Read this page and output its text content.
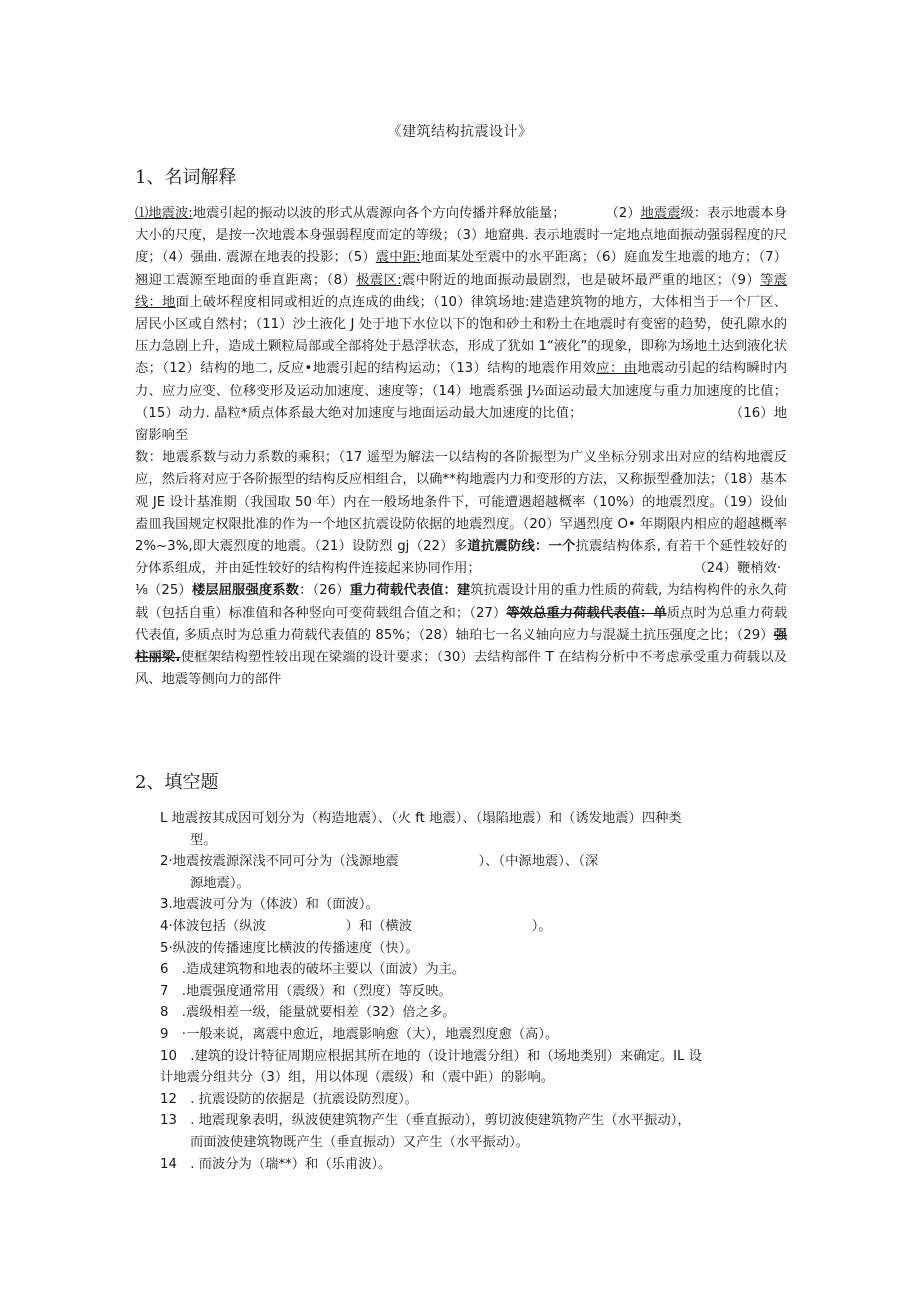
《建筑结构抗震设计》
1、名词解释

⑴地震波:地震引起的振动以波的形式从震源向各个方向传播并释放能量；　　　　（2）地震震级：表示地震本身大小的尺度，是按一次地震本身强弱程度而定的等级；（3）地窟典. 表示地震时一定地点地面振动强弱程度的尺度；（4）强曲. 震源在地表的投影；（5）震中距:地面某处至震中的水平距离；（6）庭血发生地震的地方；（7）翘迎工震源至地面的垂直距离；（8）极震区:震中附近的地面振动最剧烈，也是破坏最严重的地区；（9）等震线：地面上破坏程度相同或相近的点连成的曲线；（10）律筑场地:建造建筑物的地方，大体相当于一个厂区、居民小区或自然村；（11）沙土液化 J 处于地下水位以下的饱和砂土和粉土在地震时有变密的趋势，使孔隙水的压力急剧上升，造成土颗粒局部或全部将处于悬浮状态，形成了犹如 1“液化”的现象，即称为场地土达到液化状态；（12）结构的地二, 反应•地震引起的结构运动；（13）结构的地震作用效应：由地震动引起的结构瞬时内力、应力应变、位移变形及运动加速度、速度等；（14）地震系强 J½面运动最大加速度与重力加速度的比值；（15）动力. 晶粒*质点体系最大绝对加速度与地面运动最大加速度的比值；　　　　　　　　　　　　（16）地窗影响至

数：地震系数与动力系数的乘积；（17 遥型为解法一以结构的各阶振型为广义坐标分别求出对应的结构地震反应，然后将对应于各阶振型的结构反应相组合，以确**构地震内力和变形的方法，又称振型叠加法；（18）基本观 JE 设计基准期（我国取 50 年）内在一般场地条件下，可能遭遇超越概率（10%）的地震烈度。（19）设仙盍皿我国规定权限批准的作为一个地区抗震设防依据的地震烈度。（20）罕遇烈度 O• 年期限内相应的超越概率 2%~3%,即大震烈度的地震。（21）设防烈 gj（22）多道抗震防线：一个抗震结构体系, 有若干个延性较好的分体系组成，并由延性较好的结构构件连接起来协同作用；　　　　　　　　　　　　　　　　　（24）鞭梢效·

⅛（25）楼层屈服强度系数：（26）重力荷载代表值：建筑抗震设计用的重力性质的荷载, 为结构构件的永久荷载（包括自重）标准值和各种竖向可变荷载组合值之和；（27）等效总重力荷载代表值：单质点时为总重力荷载代表值, 多质点时为总重力荷载代表值的 85%；（28）轴珀七一名义轴向应力与混凝土抗压强度之比；（29）强柱丽梁.使框架结构塑性较出现在梁端的设计要求；（30）去结构部件 T 在结构分析中不考虑承受重力荷载以及风、地震等侧向力的部件

2、填空题
L 地震按其成因可划分为（构造地震）、（火 ft 地震）、（塌陷地震）和（诱发地震）四种类
型。
2·地震按震源深浅不同可分为（浅源地震　　　　　　）、（中源地震）、（深
源地震）。
3.地震波可分为（体波）和（面波）。
4·体波包括（纵波　　　　　　）和（横波　　　　　　　　　）。
5·纵波的传播速度比横波的传播速度（快）。
6　.造成建筑物和地表的破坏主要以（面波）为主。
7　.地震强度通常用（震级）和（烈度）等反映。
8　.震级相差一级，能量就要相差（32）倍之多。
9　·一般来说，离震中愈近，地震影响愈（大），地震烈度愈（高）。
10　.建筑的设计特征周期应根据其所在地的（设计地震分组）和（场地类别）来确定。IL 设
计地震分组共分（3）组，用以体现（震级）和（震中距）的影响。
12　. 抗震设防的依据是（抗震设防烈度）。
13　. 地震现象表明，纵波使建筑物产生（垂直振动），剪切波使建筑物产生（水平振动），
而面波使建筑物既产生（垂直振动）又产生（水平振动）。
14　. 而波分为（瑞**）和（乐甫波）。
